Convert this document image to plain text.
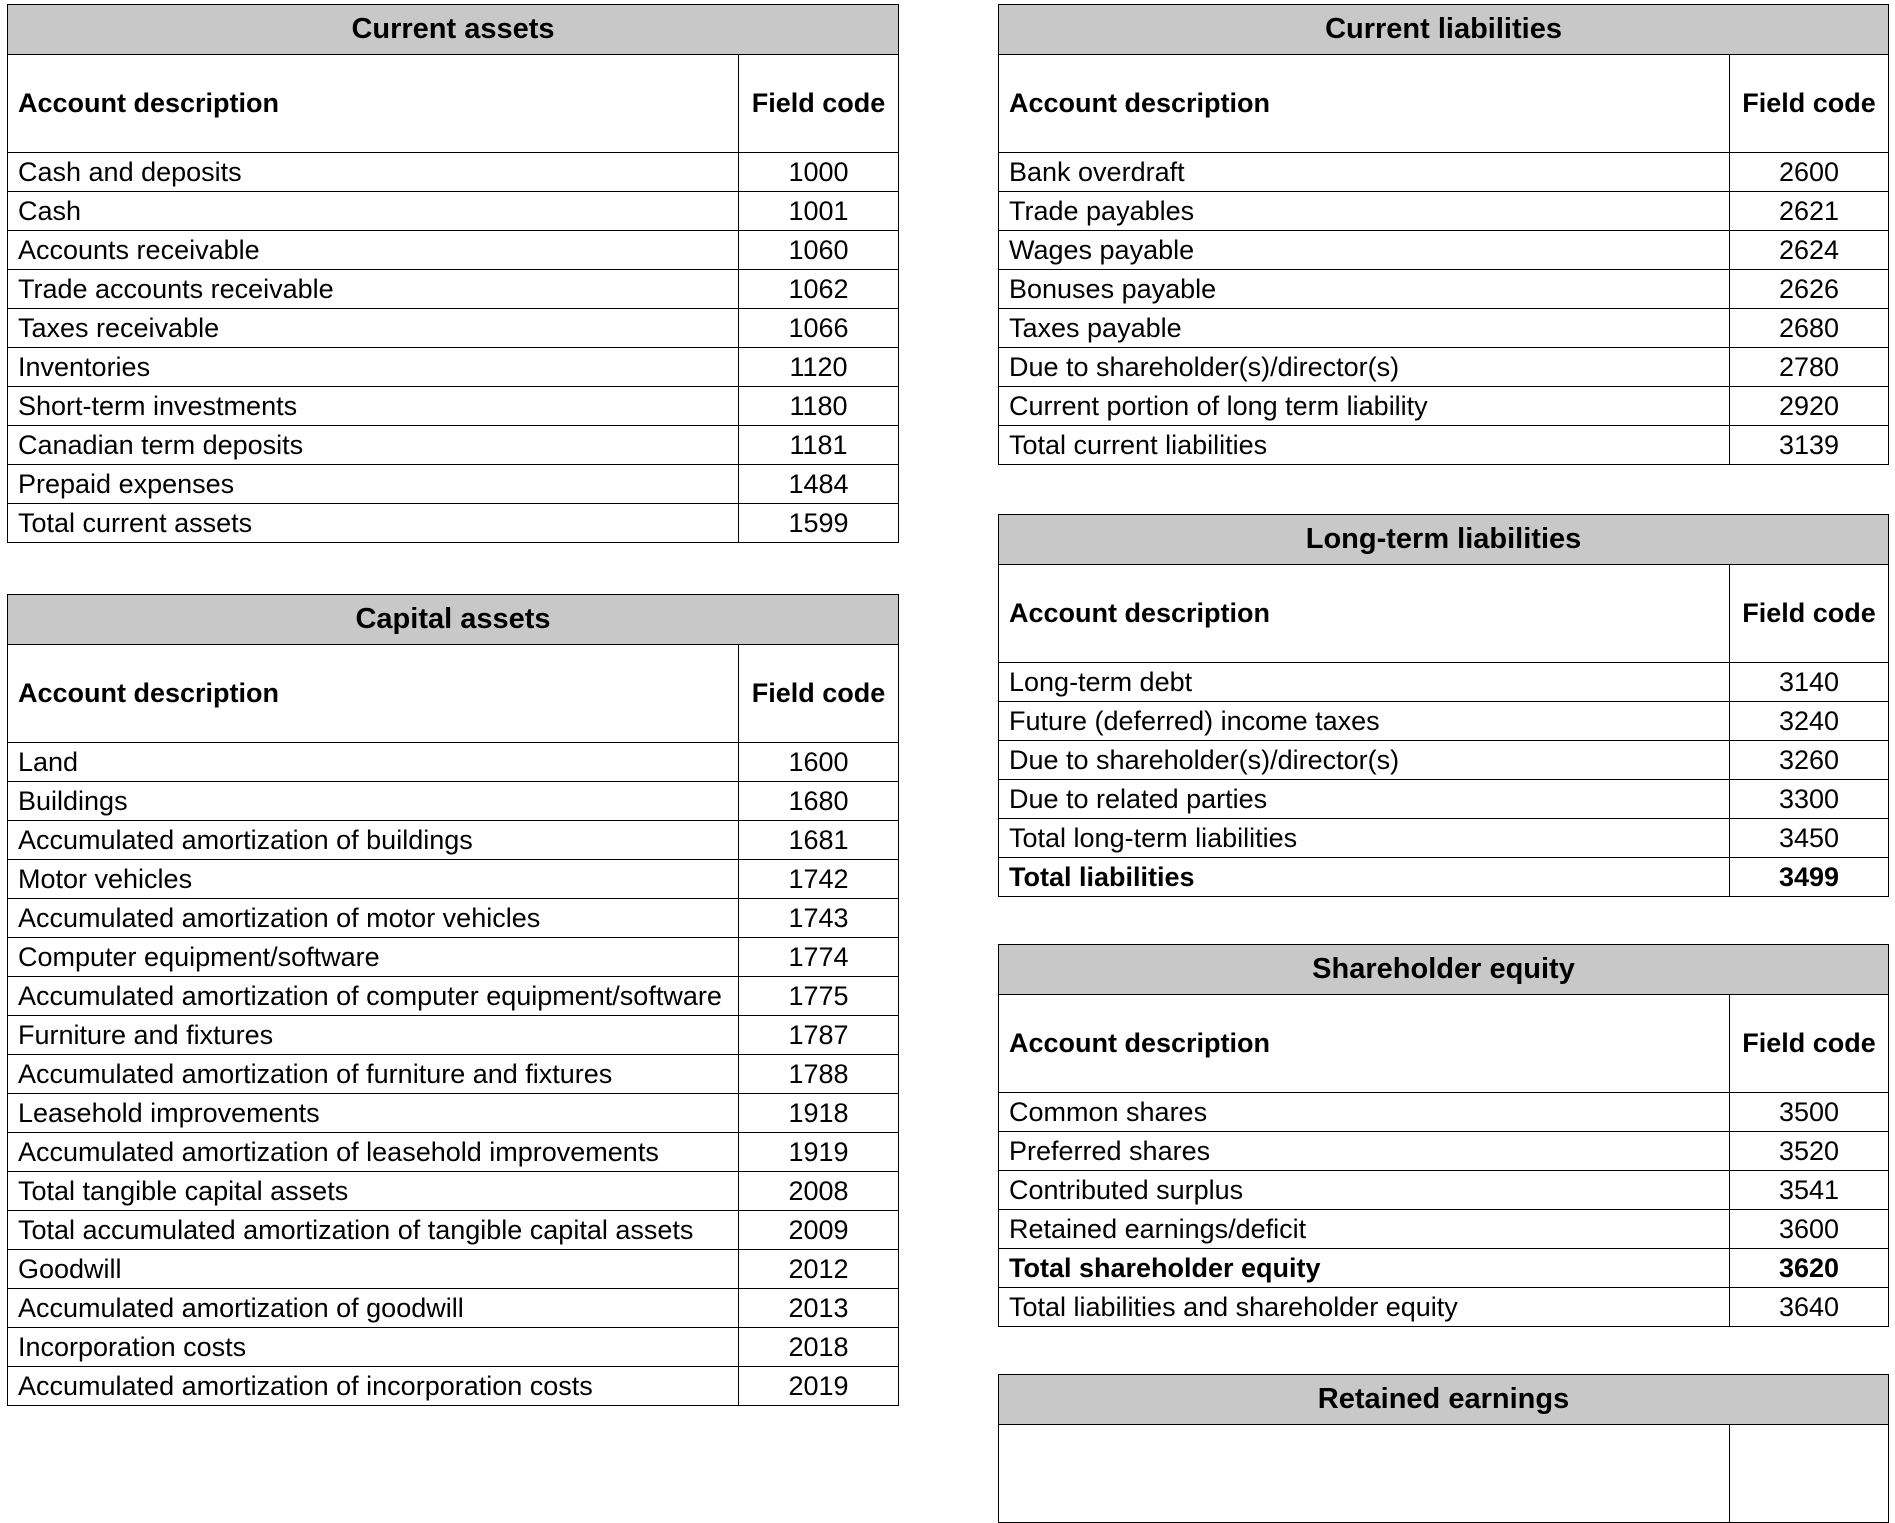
Current assets	
Account description	Field code
Cash and deposits	1000
Cash	1001
Accounts receivable	1060
Trade accounts receivable	1062
Taxes receivable	1066
Inventories	1120
Short-term investments	1180
Canadian term deposits	1181
Prepaid expenses	1484
Total current assets	1599
Capital assets	
Account description	Field code
Land	1600
Buildings	1680
Accumulated amortization of buildings	1681
Motor vehicles	1742
Accumulated amortization of motor vehicles	1743
Computer equipment/software	1774
Accumulated amortization of computer equipment/software	1775
Furniture and fixtures	1787
Accumulated amortization of furniture and fixtures	1788
Leasehold improvements	1918
Accumulated amortization of leasehold improvements	1919
Total tangible capital assets	2008
Total accumulated amortization of tangible capital assets	2009
Goodwill	2012
Accumulated amortization of goodwill	2013
Incorporation costs	2018
Accumulated amortization of incorporation costs	2019
Current liabilities	
Account description	Field code
Bank overdraft	2600
Trade payables	2621
Wages payable	2624
Bonuses payable	2626
Taxes payable	2680
Due to shareholder(s)/director(s)	2780
Current portion of long term liability	2920
Total current liabilities	3139
Long-term liabilities	
Account description	Field code
Long-term debt	3140
Future (deferred) income taxes	3240
Due to shareholder(s)/director(s)	3260
Due to related parties	3300
Total long-term liabilities	3450
Total liabilities	3499
Shareholder equity	
Account description	Field code
Common shares	3500
Preferred shares	3520
Contributed surplus	3541
Retained earnings/deficit	3600
Total shareholder equity	3620
Total liabilities and shareholder equity	3640
Retained earnings
